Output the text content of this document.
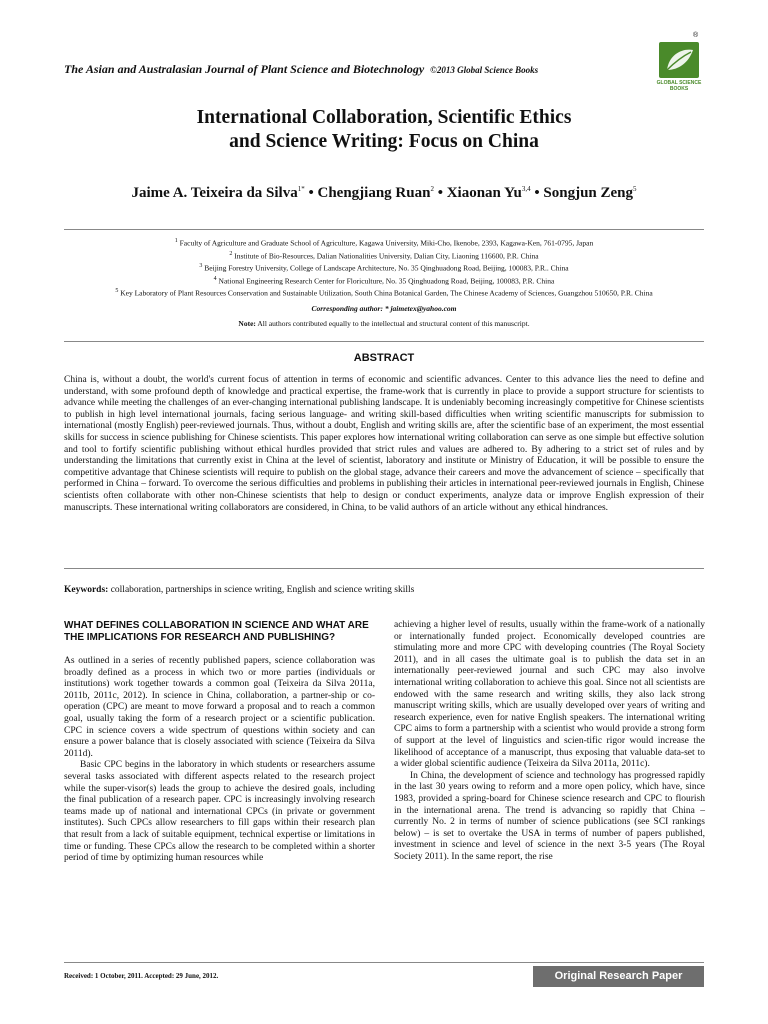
The Asian and Australasian Journal of Plant Science and Biotechnology ©2013 Global Science Books
®
GLOBAL SCIENCE BOOKS
International Collaboration, Scientific Ethics
and Science Writing: Focus on China
Jaime A. Teixeira da Silva$^{1*}$ • Chengjiang Ruan$^2$ • Xiaonan Yu$^{3,4}$ • Songjun Zeng$^5$
$^1$ Faculty of Agriculture and Graduate School of Agriculture, Kagawa University, Miki-Cho, Ikenobe, 2393, Kagawa-Ken, 761-0795, Japan
$^2$ Institute of Bio-Resources, Dalian Nationalities University, Dalian City, Liaoning 116600, P.R. China
$^3$ Beijing Forestry University, College of Landscape Architecture, No. 35 Qinghuadong Road, Beijing, 100083, P.R.. China
$^4$ National Engineering Research Center for Floriculture, No. 35 Qinghuadong Road, Beijing, 100083, P.R. China
$^5$ Key Laboratory of Plant Resources Conservation and Sustainable Utilization, South China Botanical Garden, The Chinese Academy of Sciences, Guangzhou 510650, P.R. China
Corresponding author: * jaimetex@yahoo.com
Note: All authors contributed equally to the intellectual and structural content of this manuscript.
ABSTRACT
China is, without a doubt, the world's current focus of attention in terms of economic and scientific advances. Center to this advance lies the need to define and understand, with some profound depth of knowledge and practical expertise, the frame-work that is currently in place to provide a support structure for scientists to advance while meeting the challenges of an ever-changing international publishing landscape. It is undeniably becoming increasingly competitive for Chinese scientists to publish in high level international journals, facing serious language- and writing skill-based difficulties when writing scientific manuscripts for submission to international (mostly English) peer-reviewed journals. Thus, without a doubt, English and writing skills are, after the scientific base of an experiment, the most essential skills for success in science publishing for Chinese scientists. This paper explores how international writing collaboration can serve as one simple but effective solution and tool to fortify scientific publishing without ethical hurdles provided that strict rules and values are adhered to. By adhering to a strict set of rules and by understanding the limitations that currently exist in China at the level of scientist, laboratory and institute or Ministry of Education, it will be possible to ensure the competitive advantage that Chinese scientists will require to publish on the global stage, advance their careers and move the advancement of science – specifically that performed in China – forward. To overcome the serious difficulties and problems in publishing their articles in international peer-reviewed journals in English, Chinese scientists often collaborate with other non-Chinese scientists that help to design or conduct experiments, analyze data or improve English expression of their manuscripts. These international writing collaborators are considered, in China, to be valid authors of an article without any ethical hindrances.
Keywords: collaboration, partnerships in science writing, English and science writing skills
WHAT DEFINES COLLABORATION IN SCIENCE AND WHAT ARE THE IMPLICATIONS FOR RESEARCH AND PUBLISHING?

As outlined in a series of recently published papers, science collaboration was broadly defined as a process in which two or more parties (individuals or institutions) work together towards a common goal (Teixeira da Silva 2011a, 2011b, 2011c, 2012). In science in China, collaboration, a partner-ship or co-operation (CPC) are meant to move forward a proposal and to reach a common goal, usually taking the form of a research project or a scientific publication. CPC in science covers a wide spectrum of questions within society and can ensure a power balance that is closely associated with science (Teixeira da Silva 2011d).

Basic CPC begins in the laboratory in which students or researchers assume several tasks associated with different aspects related to the research project while the super-visor(s) leads the group to achieve the desired goals, including the final publication of a research paper. CPC is increasingly involving research teams made up of national and international CPCs (in private or government institutes). Such CPCs allow researchers to fill gaps within their research plan that result from a lack of suitable equipment, technical expertise or limitations in time or funding. These CPCs allow the research to be completed within a shorter period of time by optimizing human resources while

achieving a higher level of results, usually within the frame-work of a nationally or internationally funded project. Economically developed countries are stimulating more and more CPC with developing countries (The Royal Society 2011), and in all cases the ultimate goal is to publish the data set in an internationally peer-reviewed journal and such CPC may also involve international writing collaboration to achieve this goal. Since not all scientists are endowed with the same research and writing skills, they also lack strong manuscript writing skills, which are usually developed over years of writing and research experience, even for native English speakers. The international writing CPC aims to form a partnership with a scientist who would provide a strong form of support at the level of linguistics and scien-tific rigor would increase the likelihood of acceptance of a manuscript, thus exposing that valuable data-set to a wider global scientific audience (Teixeira da Silva 2011a, 2011c).

In China, the development of science and technology has progressed rapidly in the last 30 years owing to reform and a more open policy, which have, since 1983, provided a spring-board for Chinese science research and CPC to flourish in the international arena. The trend is advancing so rapidly that China – currently No. 2 in terms of number of science publications (see SCI rankings below) – is set to overtake the USA in terms of number of papers published, investment in science and level of science in the next 3-5 years (The Royal Society 2011). In the same report, the rise

Received: 1 October, 2011. Accepted: 29 June, 2012.	Original Research Paper
